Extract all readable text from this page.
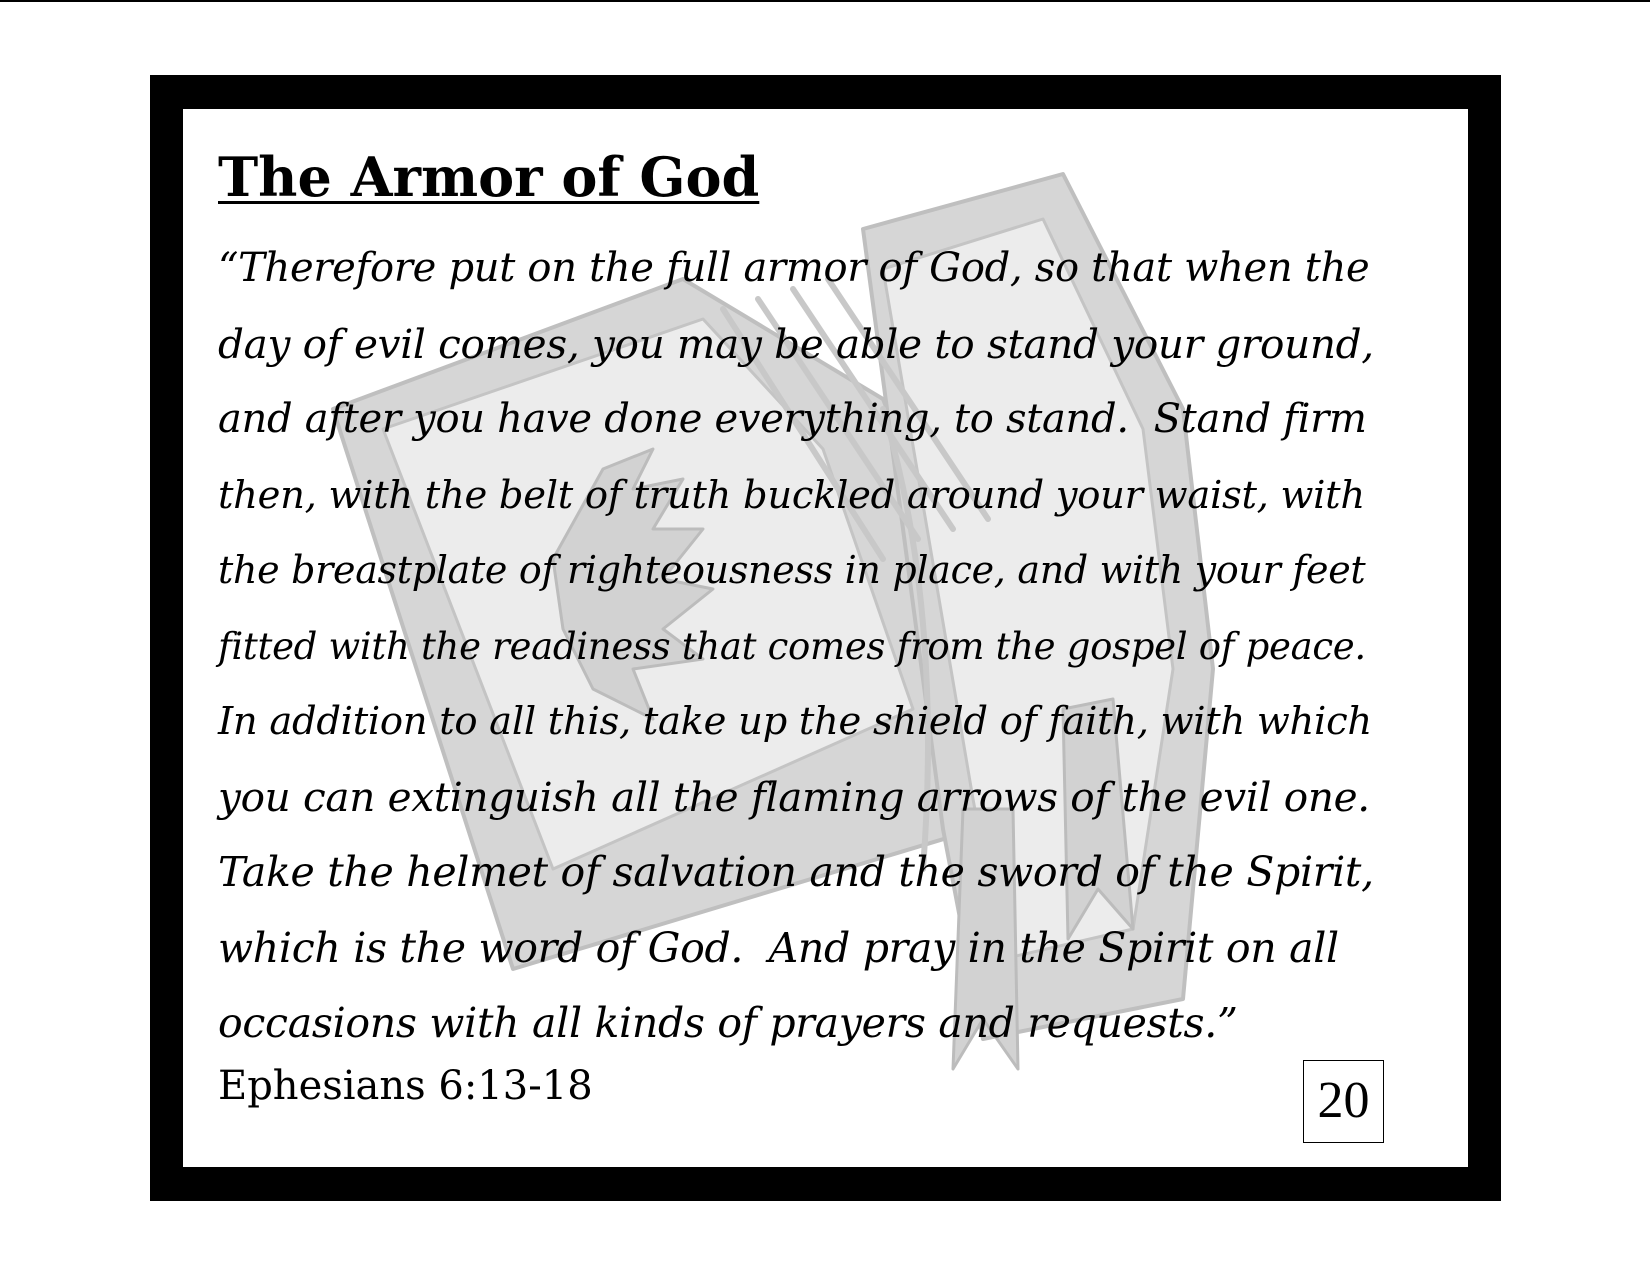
The Armor of God
“Therefore put on the full armor of God, so that when the
day of evil comes, you may be able to stand your ground,
and after you have done everything, to stand.  Stand firm
then, with the belt of truth buckled around your waist, with
the breastplate of righteousness in place, and with your feet
fitted with the readiness that comes from the gospel of peace.
In addition to all this, take up the shield of faith, with which
you can extinguish all the flaming arrows of the evil one.
Take the helmet of salvation and the sword of the Spirit,
which is the word of God.  And pray in the Spirit on all
occasions with all kinds of prayers and requests.”
Ephesians 6:13-18	20
